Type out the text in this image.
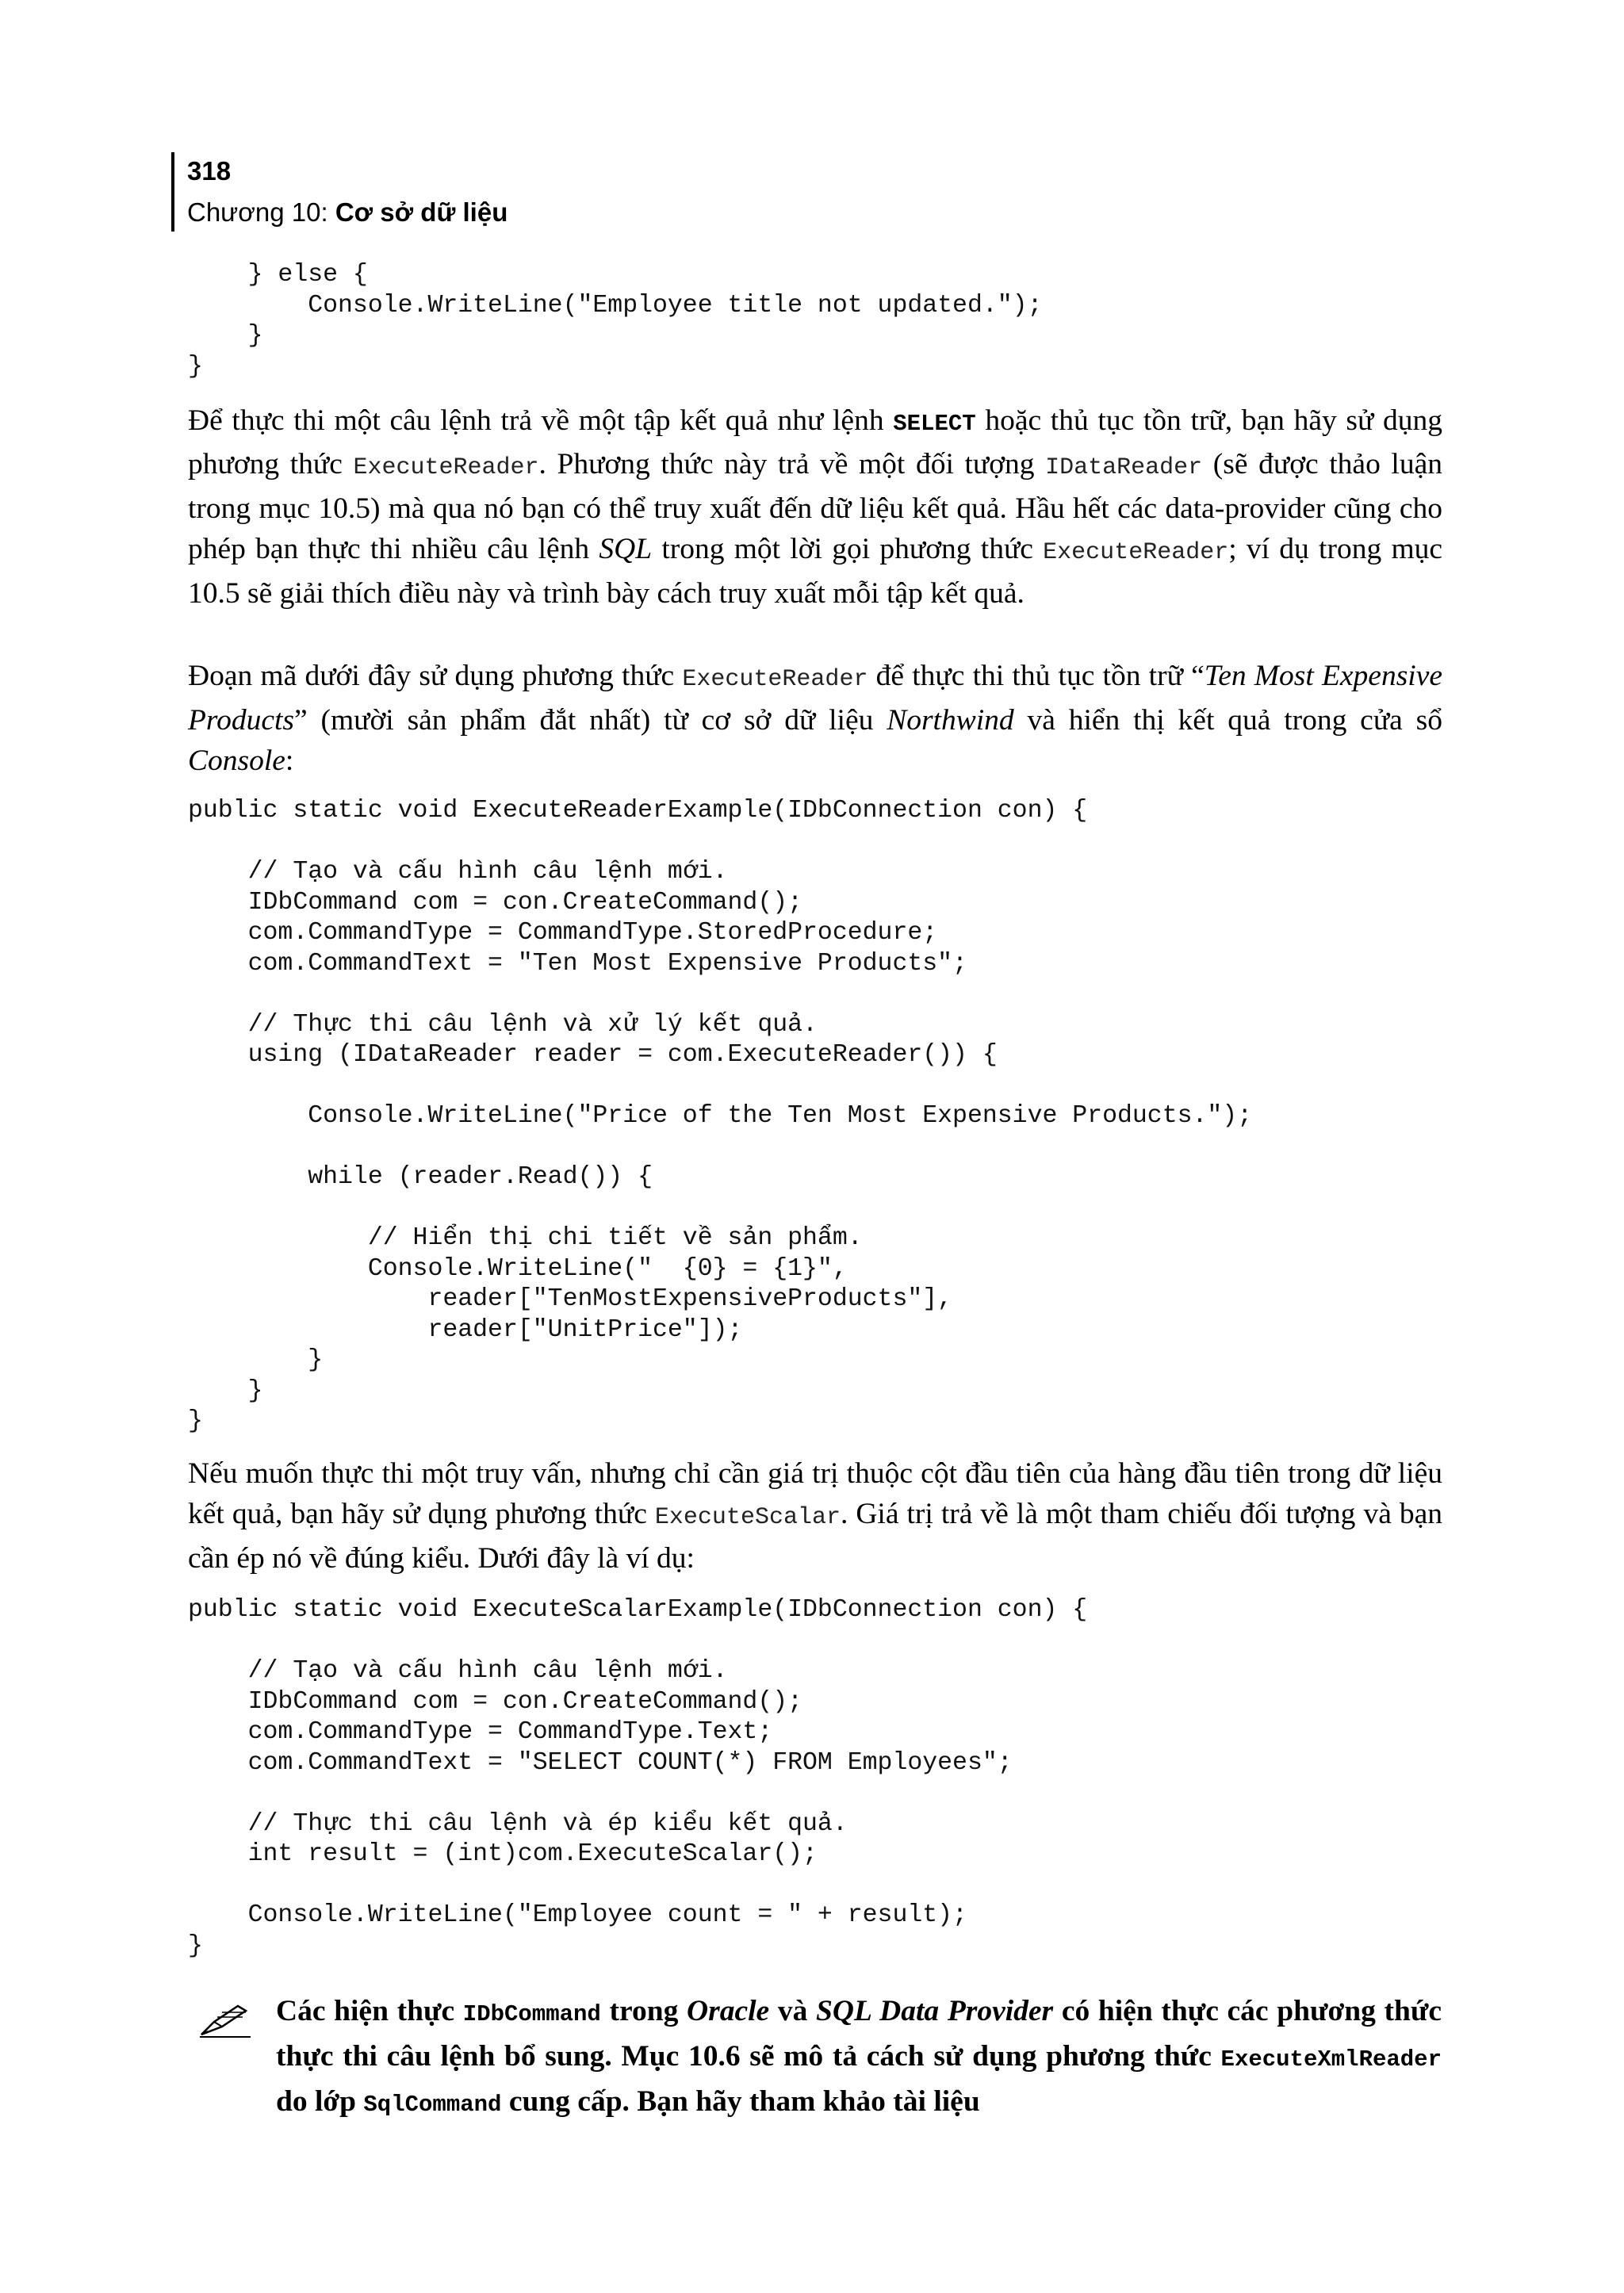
318
Chương 10: Cơ sở dữ liệu
} else {
Console.WriteLine("Employee title not updated.");
}
}
Để thực thi một câu lệnh trả về một tập kết quả như lệnh SELECT hoặc thủ tục tồn trữ, bạn hãy sử dụng phương thức ExecuteReader. Phương thức này trả về một đối tượng IDataReader (sẽ được thảo luận trong mục 10.5) mà qua nó bạn có thể truy xuất đến dữ liệu kết quả. Hầu hết các data-provider cũng cho phép bạn thực thi nhiều câu lệnh SQL trong một lời gọi phương thức ExecuteReader; ví dụ trong mục 10.5 sẽ giải thích điều này và trình bày cách truy xuất mỗi tập kết quả.
Đoạn mã dưới đây sử dụng phương thức ExecuteReader để thực thi thủ tục tồn trữ “Ten Most Expensive Products” (mười sản phẩm đắt nhất) từ cơ sở dữ liệu Northwind và hiển thị kết quả trong cửa sổ Console:
public static void ExecuteReaderExample(IDbConnection con) {

// Tạo và cấu hình câu lệnh mới.
IDbCommand com = con.CreateCommand();
com.CommandType = CommandType.StoredProcedure;
com.CommandText = "Ten Most Expensive Products";

// Thực thi câu lệnh và xử lý kết quả.
using (IDataReader reader = com.ExecuteReader()) {

Console.WriteLine("Price of the Ten Most Expensive Products.");

while (reader.Read()) {

// Hiển thị chi tiết về sản phẩm.
Console.WriteLine("  {0} = {1}",
reader["TenMostExpensiveProducts"],
reader["UnitPrice"]);
}
}
}
Nếu muốn thực thi một truy vấn, nhưng chỉ cần giá trị thuộc cột đầu tiên của hàng đầu tiên trong dữ liệu kết quả, bạn hãy sử dụng phương thức ExecuteScalar. Giá trị trả về là một tham chiếu đối tượng và bạn cần ép nó về đúng kiểu. Dưới đây là ví dụ:
public static void ExecuteScalarExample(IDbConnection con) {

// Tạo và cấu hình câu lệnh mới.
IDbCommand com = con.CreateCommand();
com.CommandType = CommandType.Text;
com.CommandText = "SELECT COUNT(*) FROM Employees";

// Thực thi câu lệnh và ép kiểu kết quả.
int result = (int)com.ExecuteScalar();

Console.WriteLine("Employee count = " + result);
}
Các hiện thực IDbCommand trong Oracle và SQL Data Provider có hiện thực các phương thức thực thi câu lệnh bổ sung. Mục 10.6 sẽ mô tả cách sử dụng phương thức ExecuteXmlReader do lớp SqlCommand cung cấp. Bạn hãy tham khảo tài liệu
